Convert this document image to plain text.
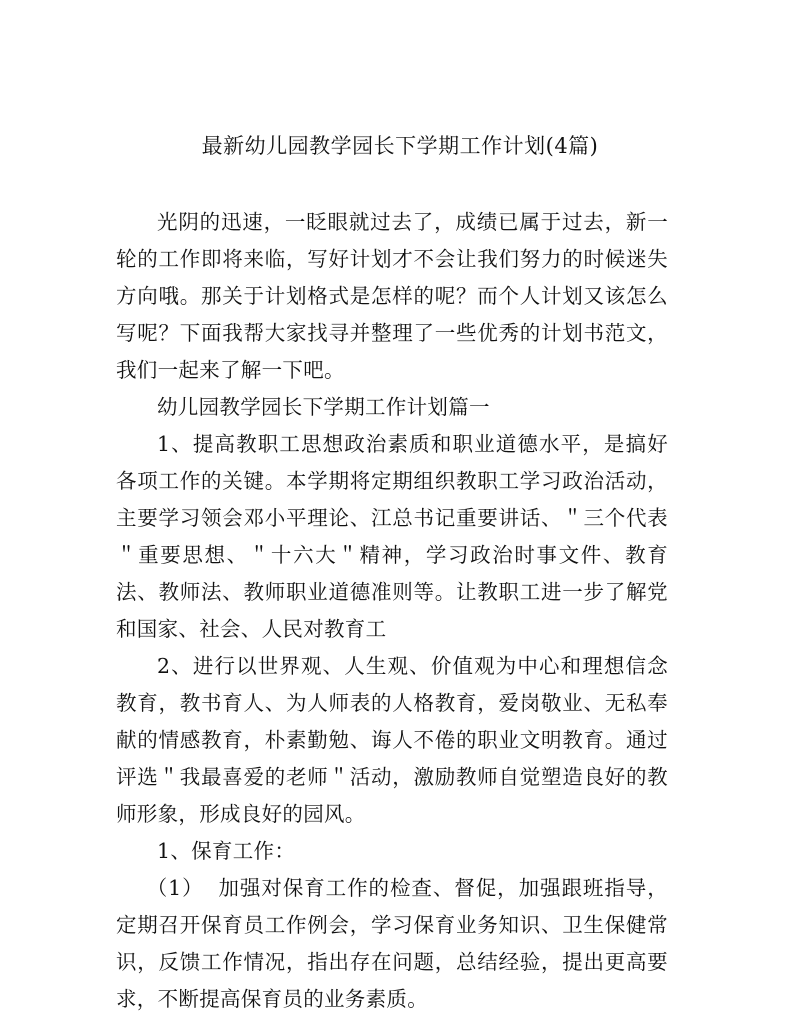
最新幼儿园教学园长下学期工作计划(4篇)

光阴的迅速，一眨眼就过去了，成绩已属于过去，新一轮的工作即将来临，写好计划才不会让我们努力的时候迷失方向哦。那关于计划格式是怎样的呢？而个人计划又该怎么写呢？下面我帮大家找寻并整理了一些优秀的计划书范文，我们一起来了解一下吧。

幼儿园教学园长下学期工作计划篇一

1、提高教职工思想政治素质和职业道德水平，是搞好各项工作的关键。本学期将定期组织教职工学习政治活动，主要学习领会邓小平理论、江总书记重要讲话、＂三个代表＂重要思想、＂十六大＂精神，学习政治时事文件、教育法、教师法、教师职业道德准则等。让教职工进一步了解党和国家、社会、人民对教育工

2、进行以世界观、人生观、价值观为中心和理想信念教育，教书育人、为人师表的人格教育，爱岗敬业、无私奉献的情感教育，朴素勤勉、诲人不倦的职业文明教育。通过评选＂我最喜爱的老师＂活动，激励教师自觉塑造良好的教师形象，形成良好的园风。

1、保育工作：

（1）  加强对保育工作的检查、督促，加强跟班指导，定期召开保育员工作例会，学习保育业务知识、卫生保健常识，反馈工作情况，指出存在问题，总结经验，提出更高要求，不断提高保育员的业务素质。
